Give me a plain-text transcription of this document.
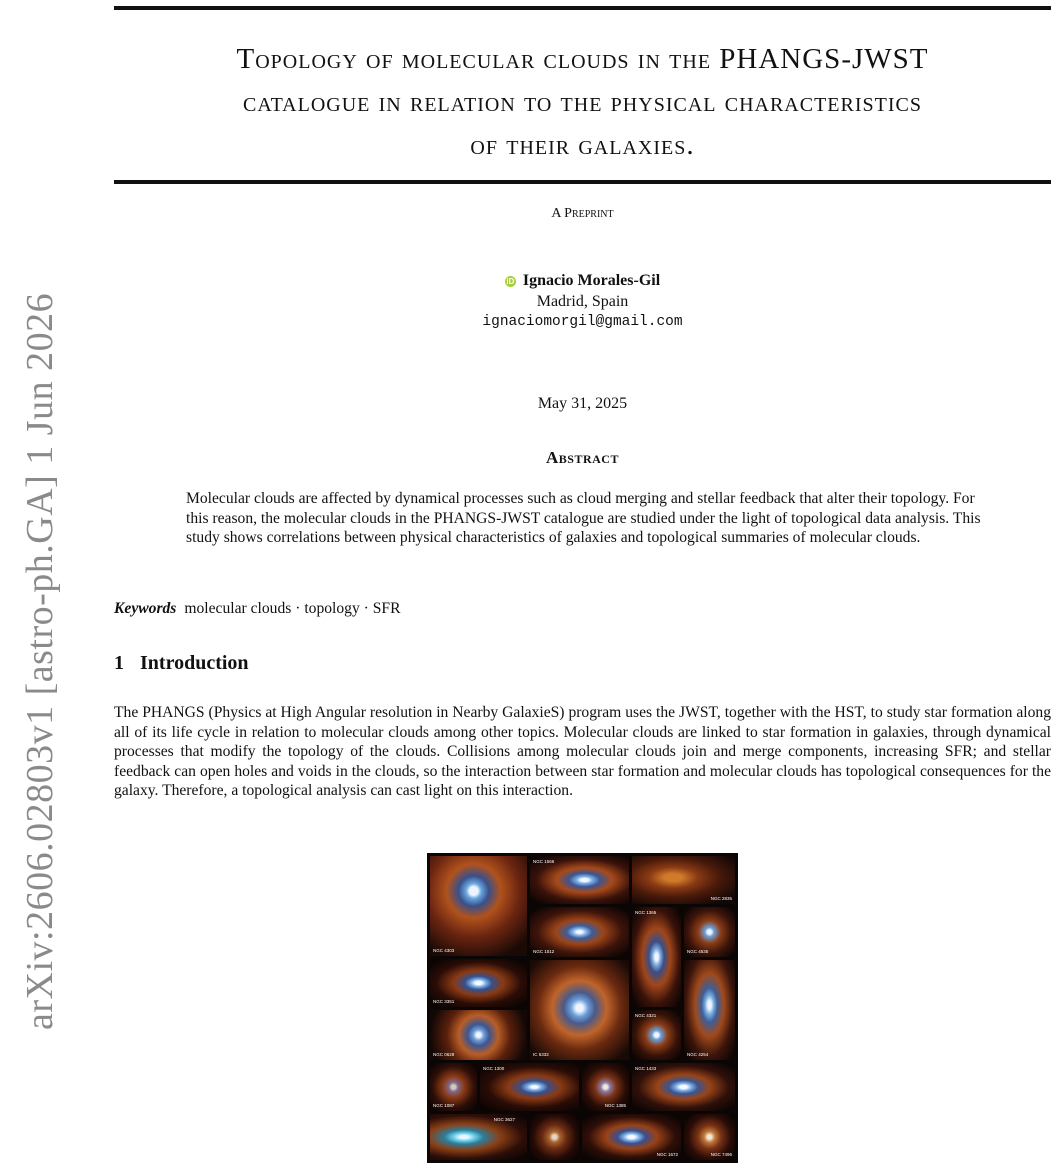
arXiv:2606.02803v1 [astro-ph.GA] 1 Jun 2026
Topology of molecular clouds in the PHANGS-JWST
catalogue in relation to the physical characteristics
of their galaxies.
A Preprint
iD Ignacio Morales-Gil
Madrid, Spain
ignaciomorgil@gmail.com
May 31, 2025
Abstract
Molecular clouds are affected by dynamical processes such as cloud merging and stellar feedback that alter their topology. For this reason, the molecular clouds in the PHANGS-JWST catalogue are studied under the light of topological data analysis. This study shows correlations between physical characteristics of galaxies and topological summaries of molecular clouds.
Keywords molecular clouds · topology · SFR
1 Introduction
The PHANGS (Physics at High Angular resolution in Nearby GalaxieS) program uses the JWST, together with the HST, to study star formation along all of its life cycle in relation to molecular clouds among other topics. Molecular clouds are linked to star formation in galaxies, through dynamical processes that modify the topology of the clouds. Collisions among molecular clouds join and merge components, increasing SFR; and stellar feedback can open holes and voids in the clouds, so the interaction between star formation and molecular clouds has topological consequences for the galaxy. Therefore, a topological analysis can cast light on this interaction.
NGC 4303
NGC 1566
NGC 2835
NGC 1512
NGC 1365
NGC 4535
NGC 3351
IC 5332
NGC 4321
NGC 4254
NGC 0628
NGC 1300
NGC 1087	NGC 1385
NGC 1433
NGC 3627
NGC 1672	NGC 7496
